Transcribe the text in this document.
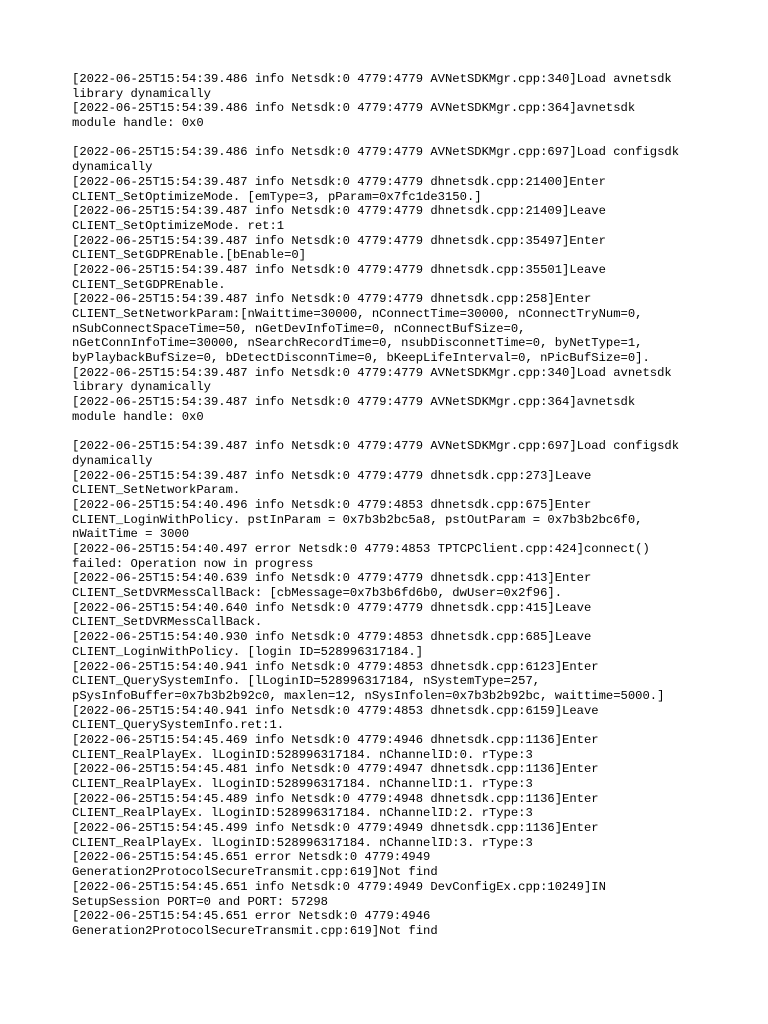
[2022-06-25T15:54:39.486 info Netsdk:0 4779:4779 AVNetSDKMgr.cpp:340]Load avnetsdk
library dynamically
[2022-06-25T15:54:39.486 info Netsdk:0 4779:4779 AVNetSDKMgr.cpp:364]avnetsdk
module handle: 0x0
[2022-06-25T15:54:39.486 info Netsdk:0 4779:4779 AVNetSDKMgr.cpp:697]Load configsdk
dynamically
[2022-06-25T15:54:39.487 info Netsdk:0 4779:4779 dhnetsdk.cpp:21400]Enter
CLIENT_SetOptimizeMode. [emType=3, pParam=0x7fc1de3150.]
[2022-06-25T15:54:39.487 info Netsdk:0 4779:4779 dhnetsdk.cpp:21409]Leave
CLIENT_SetOptimizeMode. ret:1
[2022-06-25T15:54:39.487 info Netsdk:0 4779:4779 dhnetsdk.cpp:35497]Enter
CLIENT_SetGDPREnable.[bEnable=0]
[2022-06-25T15:54:39.487 info Netsdk:0 4779:4779 dhnetsdk.cpp:35501]Leave
CLIENT_SetGDPREnable.
[2022-06-25T15:54:39.487 info Netsdk:0 4779:4779 dhnetsdk.cpp:258]Enter
CLIENT_SetNetworkParam:[nWaittime=30000, nConnectTime=30000, nConnectTryNum=0,
nSubConnectSpaceTime=50, nGetDevInfoTime=0, nConnectBufSize=0,
nGetConnInfoTime=30000, nSearchRecordTime=0, nsubDisconnetTime=0, byNetType=1,
byPlaybackBufSize=0, bDetectDisconnTime=0, bKeepLifeInterval=0, nPicBufSize=0].
[2022-06-25T15:54:39.487 info Netsdk:0 4779:4779 AVNetSDKMgr.cpp:340]Load avnetsdk
library dynamically
[2022-06-25T15:54:39.487 info Netsdk:0 4779:4779 AVNetSDKMgr.cpp:364]avnetsdk
module handle: 0x0
[2022-06-25T15:54:39.487 info Netsdk:0 4779:4779 AVNetSDKMgr.cpp:697]Load configsdk
dynamically
[2022-06-25T15:54:39.487 info Netsdk:0 4779:4779 dhnetsdk.cpp:273]Leave
CLIENT_SetNetworkParam.
[2022-06-25T15:54:40.496 info Netsdk:0 4779:4853 dhnetsdk.cpp:675]Enter
CLIENT_LoginWithPolicy. pstInParam = 0x7b3b2bc5a8, pstOutParam = 0x7b3b2bc6f0,
nWaitTime = 3000
[2022-06-25T15:54:40.497 error Netsdk:0 4779:4853 TPTCPClient.cpp:424]connect()
failed: Operation now in progress
[2022-06-25T15:54:40.639 info Netsdk:0 4779:4779 dhnetsdk.cpp:413]Enter
CLIENT_SetDVRMessCallBack: [cbMessage=0x7b3b6fd6b0, dwUser=0x2f96].
[2022-06-25T15:54:40.640 info Netsdk:0 4779:4779 dhnetsdk.cpp:415]Leave
CLIENT_SetDVRMessCallBack.
[2022-06-25T15:54:40.930 info Netsdk:0 4779:4853 dhnetsdk.cpp:685]Leave
CLIENT_LoginWithPolicy. [login ID=528996317184.]
[2022-06-25T15:54:40.941 info Netsdk:0 4779:4853 dhnetsdk.cpp:6123]Enter
CLIENT_QuerySystemInfo. [lLoginID=528996317184, nSystemType=257,
pSysInfoBuffer=0x7b3b2b92c0, maxlen=12, nSysInfolen=0x7b3b2b92bc, waittime=5000.]
[2022-06-25T15:54:40.941 info Netsdk:0 4779:4853 dhnetsdk.cpp:6159]Leave
CLIENT_QuerySystemInfo.ret:1.
[2022-06-25T15:54:45.469 info Netsdk:0 4779:4946 dhnetsdk.cpp:1136]Enter
CLIENT_RealPlayEx. lLoginID:528996317184. nChannelID:0. rType:3
[2022-06-25T15:54:45.481 info Netsdk:0 4779:4947 dhnetsdk.cpp:1136]Enter
CLIENT_RealPlayEx. lLoginID:528996317184. nChannelID:1. rType:3
[2022-06-25T15:54:45.489 info Netsdk:0 4779:4948 dhnetsdk.cpp:1136]Enter
CLIENT_RealPlayEx. lLoginID:528996317184. nChannelID:2. rType:3
[2022-06-25T15:54:45.499 info Netsdk:0 4779:4949 dhnetsdk.cpp:1136]Enter
CLIENT_RealPlayEx. lLoginID:528996317184. nChannelID:3. rType:3
[2022-06-25T15:54:45.651 error Netsdk:0 4779:4949
Generation2ProtocolSecureTransmit.cpp:619]Not find
[2022-06-25T15:54:45.651 info Netsdk:0 4779:4949 DevConfigEx.cpp:10249]IN
SetupSession PORT=0 and PORT: 57298
[2022-06-25T15:54:45.651 error Netsdk:0 4779:4946
Generation2ProtocolSecureTransmit.cpp:619]Not find
